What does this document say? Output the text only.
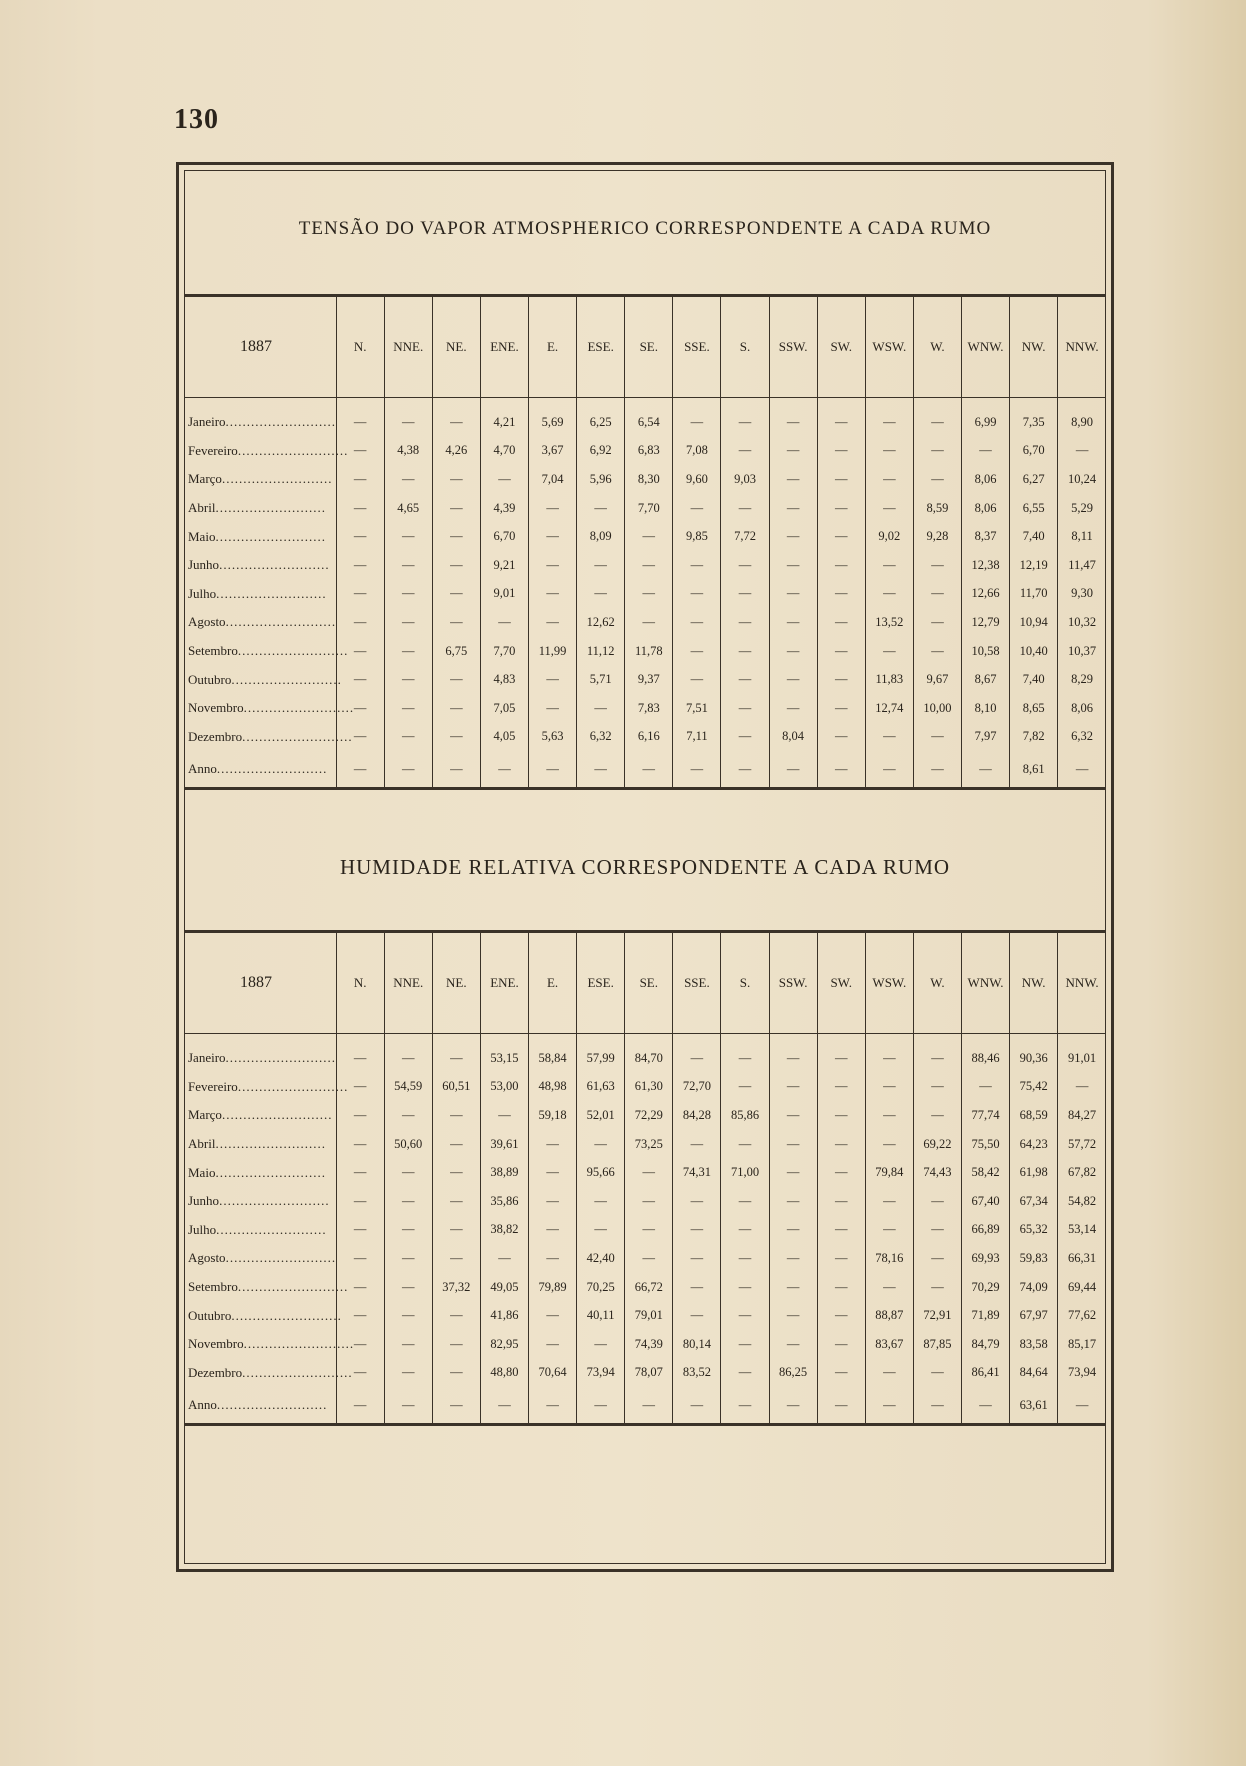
130
TENSÃO DO VAPOR ATMOSPHERICO CORRESPONDENTE A CADA RUMO
1887	N.	NNE.	NE.	ENE.	E.	ESE.	SE.	SSE.	S.	SSW.	SW.	WSW.	W.	WNW.	NW.	NNW.

Janeiro..........................	—	—	—	4,21	5,69	6,25	6,54	—	—	—	—	—	—	6,99	7,35	8,90
Fevereiro..........................	—	4,38	4,26	4,70	3,67	6,92	6,83	7,08	—	—	—	—	—	—	6,70	—
Março..........................	—	—	—	—	7,04	5,96	8,30	9,60	9,03	—	—	—	—	8,06	6,27	10,24
Abril..........................	—	4,65	—	4,39	—	—	7,70	—	—	—	—	—	8,59	8,06	6,55	5,29
Maio..........................	—	—	—	6,70	—	8,09	—	9,85	7,72	—	—	9,02	9,28	8,37	7,40	8,11
Junho..........................	—	—	—	9,21	—	—	—	—	—	—	—	—	—	12,38	12,19	11,47
Julho..........................	—	—	—	9,01	—	—	—	—	—	—	—	—	—	12,66	11,70	9,30
Agosto..........................	—	—	—	—	—	12,62	—	—	—	—	—	13,52	—	12,79	10,94	10,32
Setembro..........................	—	—	6,75	7,70	11,99	11,12	11,78	—	—	—	—	—	—	10,58	10,40	10,37
Outubro..........................	—	—	—	4,83	—	5,71	9,37	—	—	—	—	11,83	9,67	8,67	7,40	8,29
Novembro..........................	—	—	—	7,05	—	—	7,83	7,51	—	—	—	12,74	10,00	8,10	8,65	8,06
Dezembro..........................	—	—	—	4,05	5,63	6,32	6,16	7,11	—	8,04	—	—	—	7,97	7,82	6,32
Anno..........................	—	—	—	—	—	—	—	—	—	—	—	—	—	—	8,61	—
HUMIDADE RELATIVA CORRESPONDENTE A CADA RUMO
1887	N.	NNE.	NE.	ENE.	E.	ESE.	SE.	SSE.	S.	SSW.	SW.	WSW.	W.	WNW.	NW.	NNW.

Janeiro..........................	—	—	—	53,15	58,84	57,99	84,70	—	—	—	—	—	—	88,46	90,36	91,01
Fevereiro..........................	—	54,59	60,51	53,00	48,98	61,63	61,30	72,70	—	—	—	—	—	—	75,42	—
Março..........................	—	—	—	—	59,18	52,01	72,29	84,28	85,86	—	—	—	—	77,74	68,59	84,27
Abril..........................	—	50,60	—	39,61	—	—	73,25	—	—	—	—	—	69,22	75,50	64,23	57,72
Maio..........................	—	—	—	38,89	—	95,66	—	74,31	71,00	—	—	79,84	74,43	58,42	61,98	67,82
Junho..........................	—	—	—	35,86	—	—	—	—	—	—	—	—	—	67,40	67,34	54,82
Julho..........................	—	—	—	38,82	—	—	—	—	—	—	—	—	—	66,89	65,32	53,14
Agosto..........................	—	—	—	—	—	42,40	—	—	—	—	—	78,16	—	69,93	59,83	66,31
Setembro..........................	—	—	37,32	49,05	79,89	70,25	66,72	—	—	—	—	—	—	70,29	74,09	69,44
Outubro..........................	—	—	—	41,86	—	40,11	79,01	—	—	—	—	88,87	72,91	71,89	67,97	77,62
Novembro..........................	—	—	—	82,95	—	—	74,39	80,14	—	—	—	83,67	87,85	84,79	83,58	85,17
Dezembro..........................	—	—	—	48,80	70,64	73,94	78,07	83,52	—	86,25	—	—	—	86,41	84,64	73,94
Anno..........................	—	—	—	—	—	—	—	—	—	—	—	—	—	—	63,61	—
